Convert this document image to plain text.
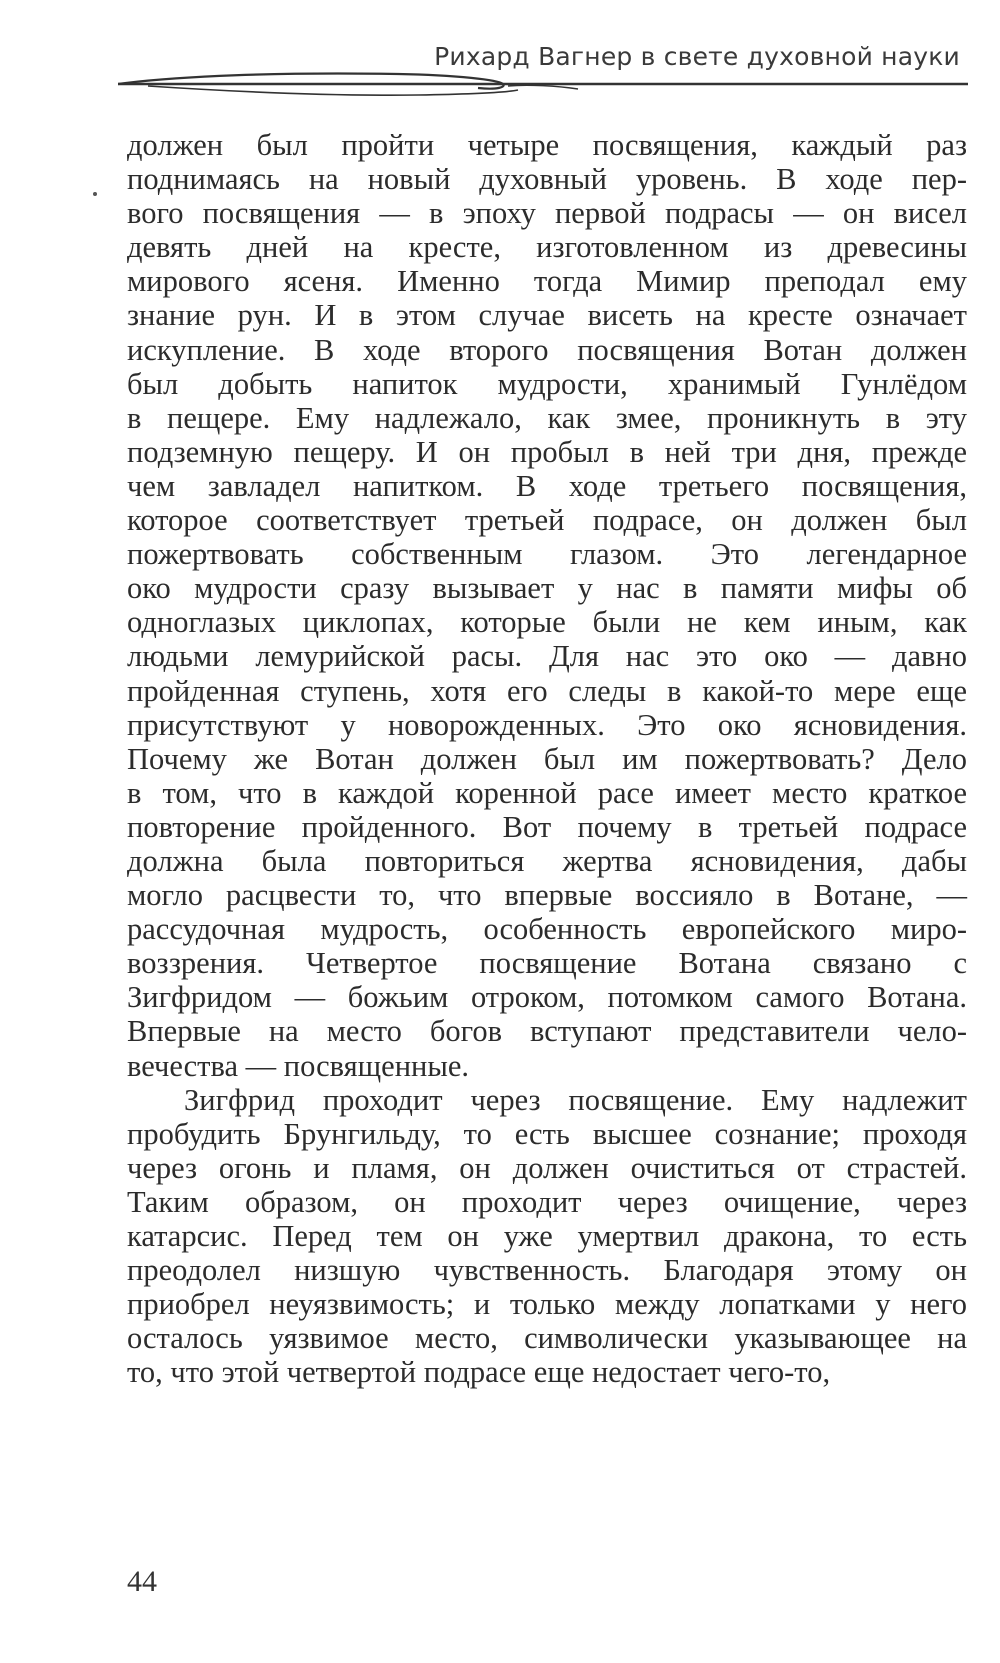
Рихард Вагнер в свете духовной науки
должен был пройти четыре посвящения, каждый раз
поднимаясь на новый духовный уровень. В ходе пер-
вого посвящения — в эпоху первой подрасы — он висел
девять дней на кресте, изготовленном из древесины
мирового ясеня. Именно тогда Мимир преподал ему
знание рун. И в этом случае висеть на кресте означает
искупление. В ходе второго посвящения Вотан должен
был добыть напиток мудрости, хранимый Гунлёдом
в пещере. Ему надлежало, как змее, проникнуть в эту
подземную пещеру. И он пробыл в ней три дня, прежде
чем завладел напитком. В ходе третьего посвящения,
которое соответствует третьей подрасе, он должен был
пожертвовать собственным глазом. Это легендарное
око мудрости сразу вызывает у нас в памяти мифы об
одноглазых циклопах, которые были не кем иным, как
людьми лемурийской расы. Для нас это око — давно
пройденная ступень, хотя его следы в какой-то мере еще
присутствуют у новорожденных. Это око ясновидения.
Почему же Вотан должен был им пожертвовать? Дело
в том, что в каждой коренной расе имеет место краткое
повторение пройденного. Вот почему в третьей подрасе
должна была повториться жертва ясновидения, дабы
могло расцвести то, что впервые воссияло в Вотане, —
рассудочная мудрость, особенность европейского миро-
воззрения. Четвертое посвящение Вотана связано с
Зигфридом — божьим отроком, потомком самого Вотана.
Впервые на место богов вступают представители чело-
вечества — посвященные.
Зигфрид проходит через посвящение. Ему надлежит
пробудить Брунгильду, то есть высшее сознание; проходя
через огонь и пламя, он должен очиститься от страстей.
Таким образом, он проходит через очищение, через
катарсис. Перед тем он уже умертвил дракона, то есть
преодолел низшую чувственность. Благодаря этому он
приобрел неуязвимость; и только между лопатками у него
осталось уязвимое место, символически указывающее на
то, что этой четвертой подрасе еще недостает чего-то,
44
